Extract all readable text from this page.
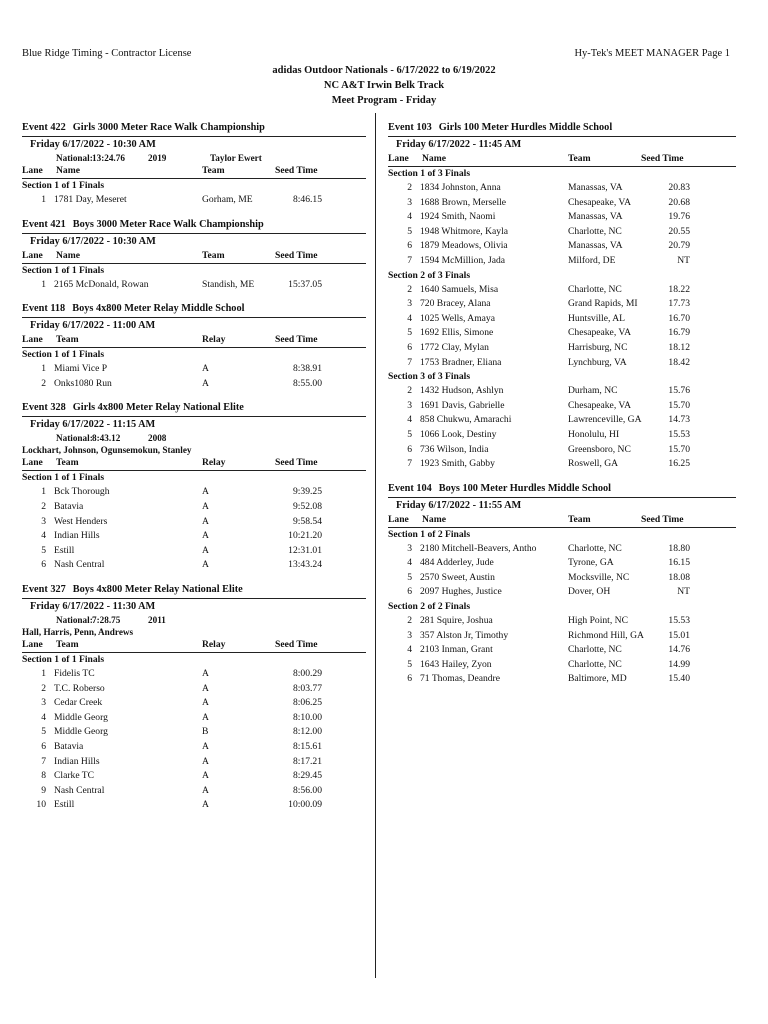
Blue Ridge Timing - Contractor License	Hy-Tek's MEET MANAGER Page 1
adidas Outdoor Nationals - 6/17/2022 to 6/19/2022
NC A&T Irwin Belk Track
Meet Program - Friday
Event 422 Girls 3000 Meter Race Walk Championship
Friday 6/17/2022 - 10:30 AM
National: 13:24.76	2019	Taylor Ewert
Lane Name	Team	Seed Time
Section 1 of 1 Finals
1 1781 Day, Meseret	Gorham, ME	8:46.15
Event 421 Boys 3000 Meter Race Walk Championship
Friday 6/17/2022 - 10:30 AM
Lane Name	Team	Seed Time
Section 1 of 1 Finals
1 2165 McDonald, Rowan	Standish, ME	15:37.05
Event 118 Boys 4x800 Meter Relay Middle School
Friday 6/17/2022 - 11:00 AM
Lane Team	Relay	Seed Time
Section 1 of 1 Finals
1 Miami Vice P	A	8:38.91
2 Onks1080 Run	A	8:55.00
Event 328 Girls 4x800 Meter Relay National Elite
Friday 6/17/2022 - 11:15 AM
National: 8:43.12	2008
Lockhart, Johnson, Ogunsemokun, Stanley
Lane Team	Relay	Seed Time
Section 1 of 1 Finals
1 Bck Thorough	A	9:39.25
2 Batavia	A	9:52.08
3 West Henders	A	9:58.54
4 Indian Hills	A	10:21.20
5 Estill	A	12:31.01
6 Nash Central	A	13:43.24
Event 327 Boys 4x800 Meter Relay National Elite
Friday 6/17/2022 - 11:30 AM
National: 7:28.75	2011
Hall, Harris, Penn, Andrews
Lane Team	Relay	Seed Time
Section 1 of 1 Finals
1 Fidelis TC	A	8:00.29
2 T.C. Roberso	A	8:03.77
3 Cedar Creek	A	8:06.25
4 Middle Georg	A	8:10.00
5 Middle Georg	B	8:12.00
6 Batavia	A	8:15.61
7 Indian Hills	A	8:17.21
8 Clarke TC	A	8:29.45
9 Nash Central	A	8:56.00
10 Estill	A	10:00.09
Event 103 Girls 100 Meter Hurdles Middle School
Friday 6/17/2022 - 11:45 AM
Lane Name	Team	Seed Time
Section 1 of 3 Finals
2 1834 Johnston, Anna	Manassas, VA	20.83
3 1688 Brown, Merselle	Chesapeake, VA	20.68
4 1924 Smith, Naomi	Manassas, VA	19.76
5 1948 Whitmore, Kayla	Charlotte, NC	20.55
6 1879 Meadows, Olivia	Manassas, VA	20.79
7 1594 McMillion, Jada	Milford, DE	NT
Section 2 of 3 Finals
2 1640 Samuels, Misa	Charlotte, NC	18.22
3 720 Bracey, Alana	Grand Rapids, MI	17.73
4 1025 Wells, Amaya	Huntsville, AL	16.70
5 1692 Ellis, Simone	Chesapeake, VA	16.79
6 1772 Clay, Mylan	Harrisburg, NC	18.12
7 1753 Bradner, Eliana	Lynchburg, VA	18.42
Section 3 of 3 Finals
2 1432 Hudson, Ashlyn	Durham, NC	15.76
3 1691 Davis, Gabrielle	Chesapeake, VA	15.70
4 858 Chukwu, Amarachi	Lawrenceville, GA	14.73
5 1066 Look, Destiny	Honolulu, HI	15.53
6 736 Wilson, India	Greensboro, NC	15.70
7 1923 Smith, Gabby	Roswell, GA	16.25
Event 104 Boys 100 Meter Hurdles Middle School
Friday 6/17/2022 - 11:55 AM
Lane Name	Team	Seed Time
Section 1 of 2 Finals
3 2180 Mitchell-Beavers, Antho	Charlotte, NC	18.80
4 484 Adderley, Jude	Tyrone, GA	16.15
5 2570 Sweet, Austin	Mocksville, NC	18.08
6 2097 Hughes, Justice	Dover, OH	NT
Section 2 of 2 Finals
2 281 Squire, Joshua	High Point, NC	15.53
3 357 Alston Jr, Timothy	Richmond Hill, GA	15.01
4 2103 Inman, Grant	Charlotte, NC	14.76
5 1643 Hailey, Zyon	Charlotte, NC	14.99
6 71 Thomas, Deandre	Baltimore, MD	15.40
